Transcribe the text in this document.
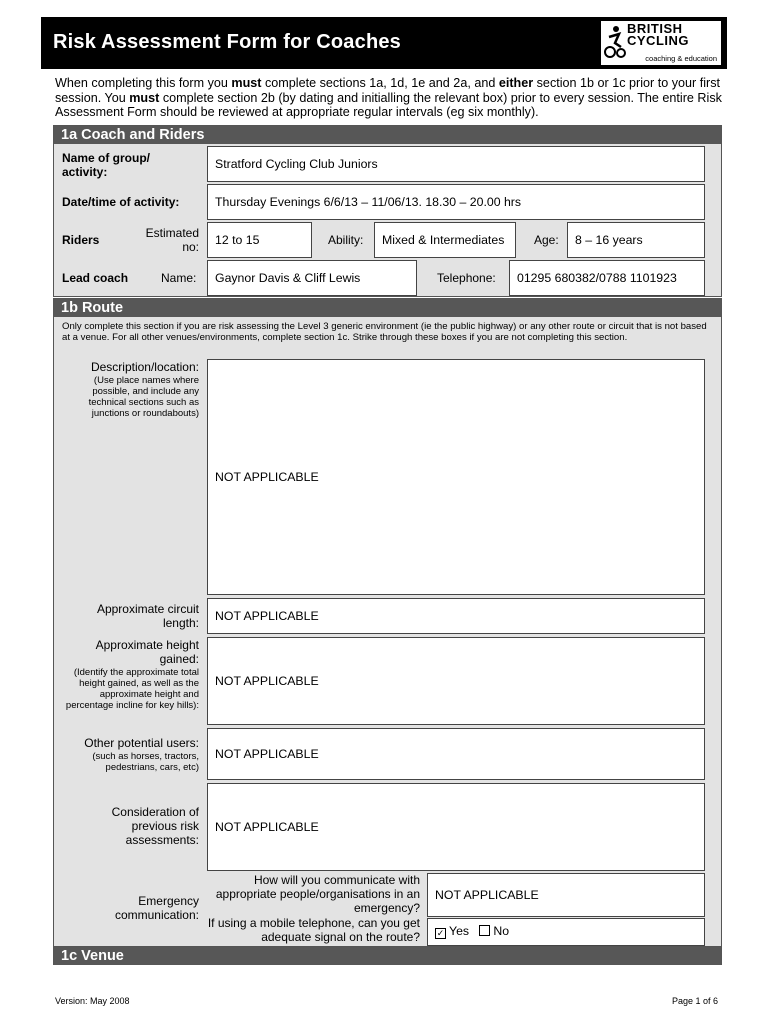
Risk Assessment Form for Coaches
BRITISH
CYCLING
coaching & education
When completing this form you must complete sections 1a, 1d, 1e and 2a, and either section 1b or 1c prior to your first session. You must complete section 2b (by dating and initialling the relevant box) prior to every session. The entire Risk Assessment Form should be reviewed at appropriate regular intervals (eg six monthly).
1a Coach and Riders
Name of group/ activity:
Stratford Cycling Club Juniors
Date/time of activity:	Thursday Evenings 6/6/13 – 11/06/13. 18.30 – 20.00 hrs
Riders	Estimated no: 12 to 15	Ability: Mixed & Intermediates Age: 8 – 16 years
Lead coach	Name: Gaynor Davis & Cliff Lewis	Telephone: 01295 680382/0788 1101923
1b Route
Only complete this section if you are risk assessing the Level 3 generic environment (ie the public highway) or any other route or circuit that is not based at a venue. For all other venues/environments, complete section 1c. Strike through these boxes if you are not completing this section.
Description/location:
(Use place names where possible, and include any technical sections such as junctions or roundabouts)
NOT APPLICABLE
Approximate circuit length: NOT APPLICABLE
Approximate height gained:
(Identify the approximate total height gained, as well as the approximate height and percentage incline for key hills):
NOT APPLICABLE
Other potential users:
(such as horses, tractors, pedestrians, cars, etc)
NOT APPLICABLE
Consideration of previous risk assessments:
NOT APPLICABLE
Emergency communication:
How will you communicate with appropriate people/organisations in an emergency?
NOT APPLICABLE
If using a mobile telephone, can you get adequate signal on the route? ✓ Yes No
1c Venue
Version: May 2008	Page 1 of 6
